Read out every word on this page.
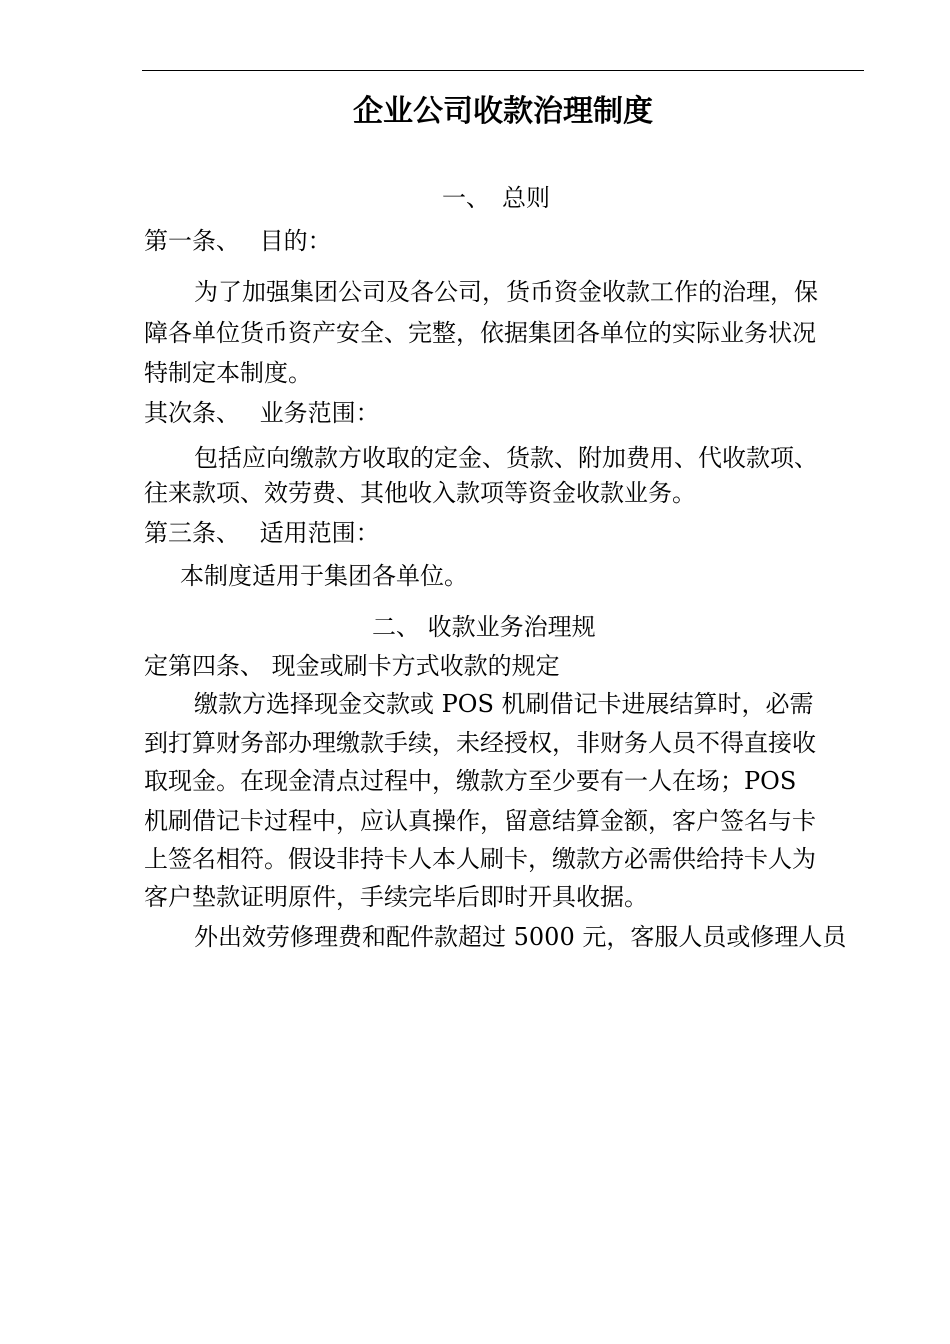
企业公司收款治理制度
一、　总则
第一条、　 目的：
为了加强集团公司及各公司，货币资金收款工作的治理，保
障各单位货币资产安全、完整，依据集团各单位的实际业务状况
特制定本制度。
其次条、　 业务范围：
包括应向缴款方收取的定金、货款、附加费用、代收款项、
往来款项、效劳费、其他收入款项等资金收款业务。
第三条、　 适用范围：
本制度适用于集团各单位。
二、 收款业务治理规
定第四条、 现金或刷卡方式收款的规定
缴款方选择现金交款或 POS 机刷借记卡进展结算时，必需
到打算财务部办理缴款手续，未经授权，非财务人员不得直接收
取现金。在现金清点过程中，缴款方至少要有一人在场；POS
机刷借记卡过程中，应认真操作，留意结算金额，客户签名与卡
上签名相符。假设非持卡人本人刷卡，缴款方必需供给持卡人为
客户垫款证明原件，手续完毕后即时开具收据。
外出效劳修理费和配件款超过 5000 元，客服人员或修理人员
